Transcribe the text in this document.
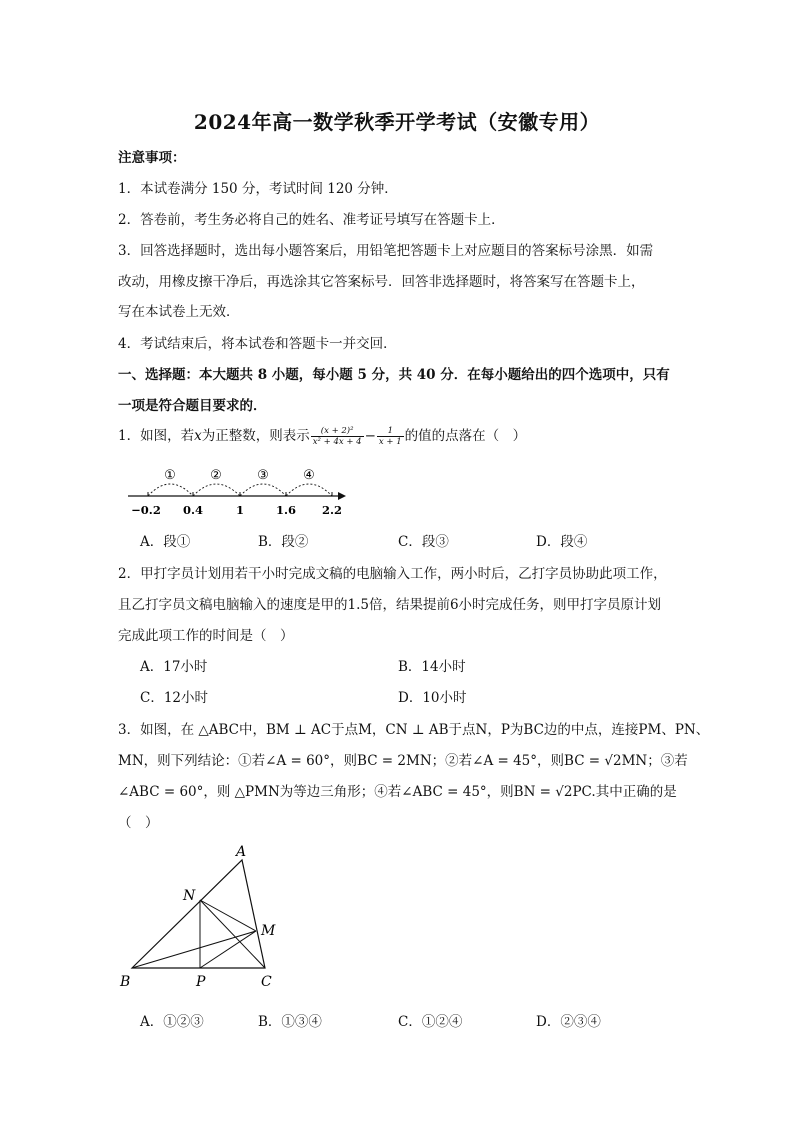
2024年高一数学秋季开学考试（安徽专用）
注意事项：
1．本试卷满分 150 分，考试时间 120 分钟．
2．答卷前，考生务必将自己的姓名、准考证号填写在答题卡上．
3．回答选择题时，选出每小题答案后，用铅笔把答题卡上对应题目的答案标号涂黑．如需
改动，用橡皮擦干净后，再选涂其它答案标号．回答非选择题时，将答案写在答题卡上，
写在本试卷上无效．
4．考试结束后，将本试卷和答题卡一并交回．
一、选择题：本大题共 8 小题，每小题 5 分，共 40 分．在每小题给出的四个选项中，只有
一项是符合题目要求的．
1．如图，若x为正整数，则表示 $\frac{\text{(x + 2)²}}{\text{x² + 4x + 4}} - \frac{1}{x + 1}$ 的值的点落在（　）
①	②	③	④
−0.2 0.4	1	1.6 2.2
A．段①	B．段②	C．段③	D．段④
2．甲打字员计划用若干小时完成文稿的电脑输入工作，两小时后，乙打字员协助此项工作，
且乙打字员文稿电脑输入的速度是甲的1.5倍，结果提前6小时完成任务，则甲打字员原计划
完成此项工作的时间是（　）
A．17小时	B．14小时
C．12小时	D．10小时
3．如图，在 △ABC中，BM ⊥ AC于点M，CN ⊥ AB于点N，P为BC边的中点，连接PM、PN、
MN，则下列结论：①若∠A = 60°，则BC = 2MN；②若∠A = 45°，则BC = √2MN；③若
∠ABC = 60°，则 △PMN为等边三角形；④若∠ABC = 45°，则BN = √2PC.其中正确的是
（　）
A
N
M
B	P	C
A．①②③	B．①③④	C．①②④	D．②③④
